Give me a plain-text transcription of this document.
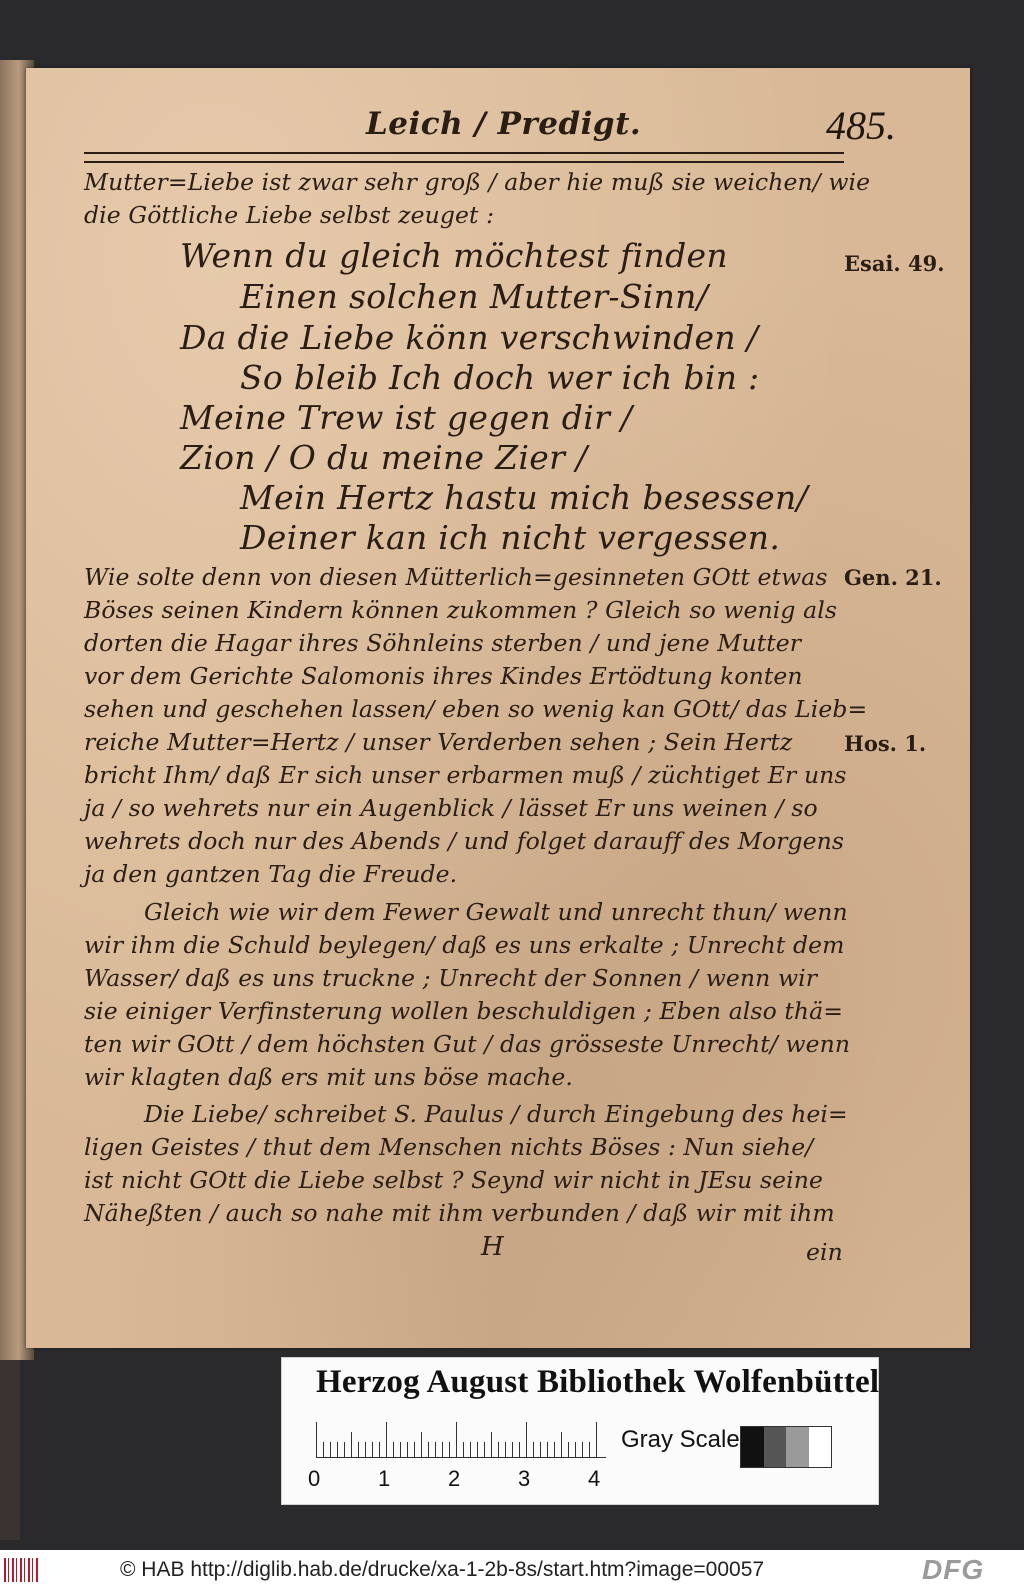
Leich / Predigt.	485.
Mutter=Liebe ist zwar sehr groß / aber hie muß sie weichen/ wie
die Göttliche Liebe selbst zeuget :
Wenn du gleich möchtest finden
Einen solchen Mutter-Sinn/
Da die Liebe könn verschwinden /
So bleib Ich doch wer ich bin :
Meine Trew ist gegen dir /
Zion / O du meine Zier /
Mein Hertz hastu mich besessen/
Deiner kan ich nicht vergessen.
Wie solte denn von diesen Mütterlich=gesinneten GOtt etwas
Böses seinen Kindern können zukommen ? Gleich so wenig als
dorten die Hagar ihres Söhnleins sterben / und jene Mutter
vor dem Gerichte Salomonis ihres Kindes Ertödtung konten
sehen und geschehen lassen/ eben so wenig kan GOtt/ das Lieb=
reiche Mutter=Hertz / unser Verderben sehen ; Sein Hertz
bricht Ihm/ daß Er sich unser erbarmen muß / züchtiget Er uns
ja / so wehrets nur ein Augenblick / lässet Er uns weinen / so
wehrets doch nur des Abends / und folget darauff des Morgens
ja den gantzen Tag die Freude.
Gleich wie wir dem Fewer Gewalt und unrecht thun/ wenn
wir ihm die Schuld beylegen/ daß es uns erkalte ; Unrecht dem
Wasser/ daß es uns truckne ; Unrecht der Sonnen / wenn wir
sie einiger Verfinsterung wollen beschuldigen ; Eben also thä=
ten wir GOtt / dem höchsten Gut / das grösseste Unrecht/ wenn
wir klagten daß ers mit uns böse mache.
Die Liebe/ schreibet S. Paulus / durch Eingebung des hei=
ligen Geistes / thut dem Menschen nichts Böses : Nun siehe/
ist nicht GOtt die Liebe selbst ? Seynd wir nicht in JEsu seine
Näheßten / auch so nahe mit ihm verbunden / daß wir mit ihm
H	ein
Esai. 49.
Gen. 21.
Hos. 1.
Herzog August Bibliothek Wolfenbüttel
0	1	2	3	4
Gray Scale
© HAB http://diglib.hab.de/drucke/xa-1-2b-8s/start.htm?image=00057	DFG
